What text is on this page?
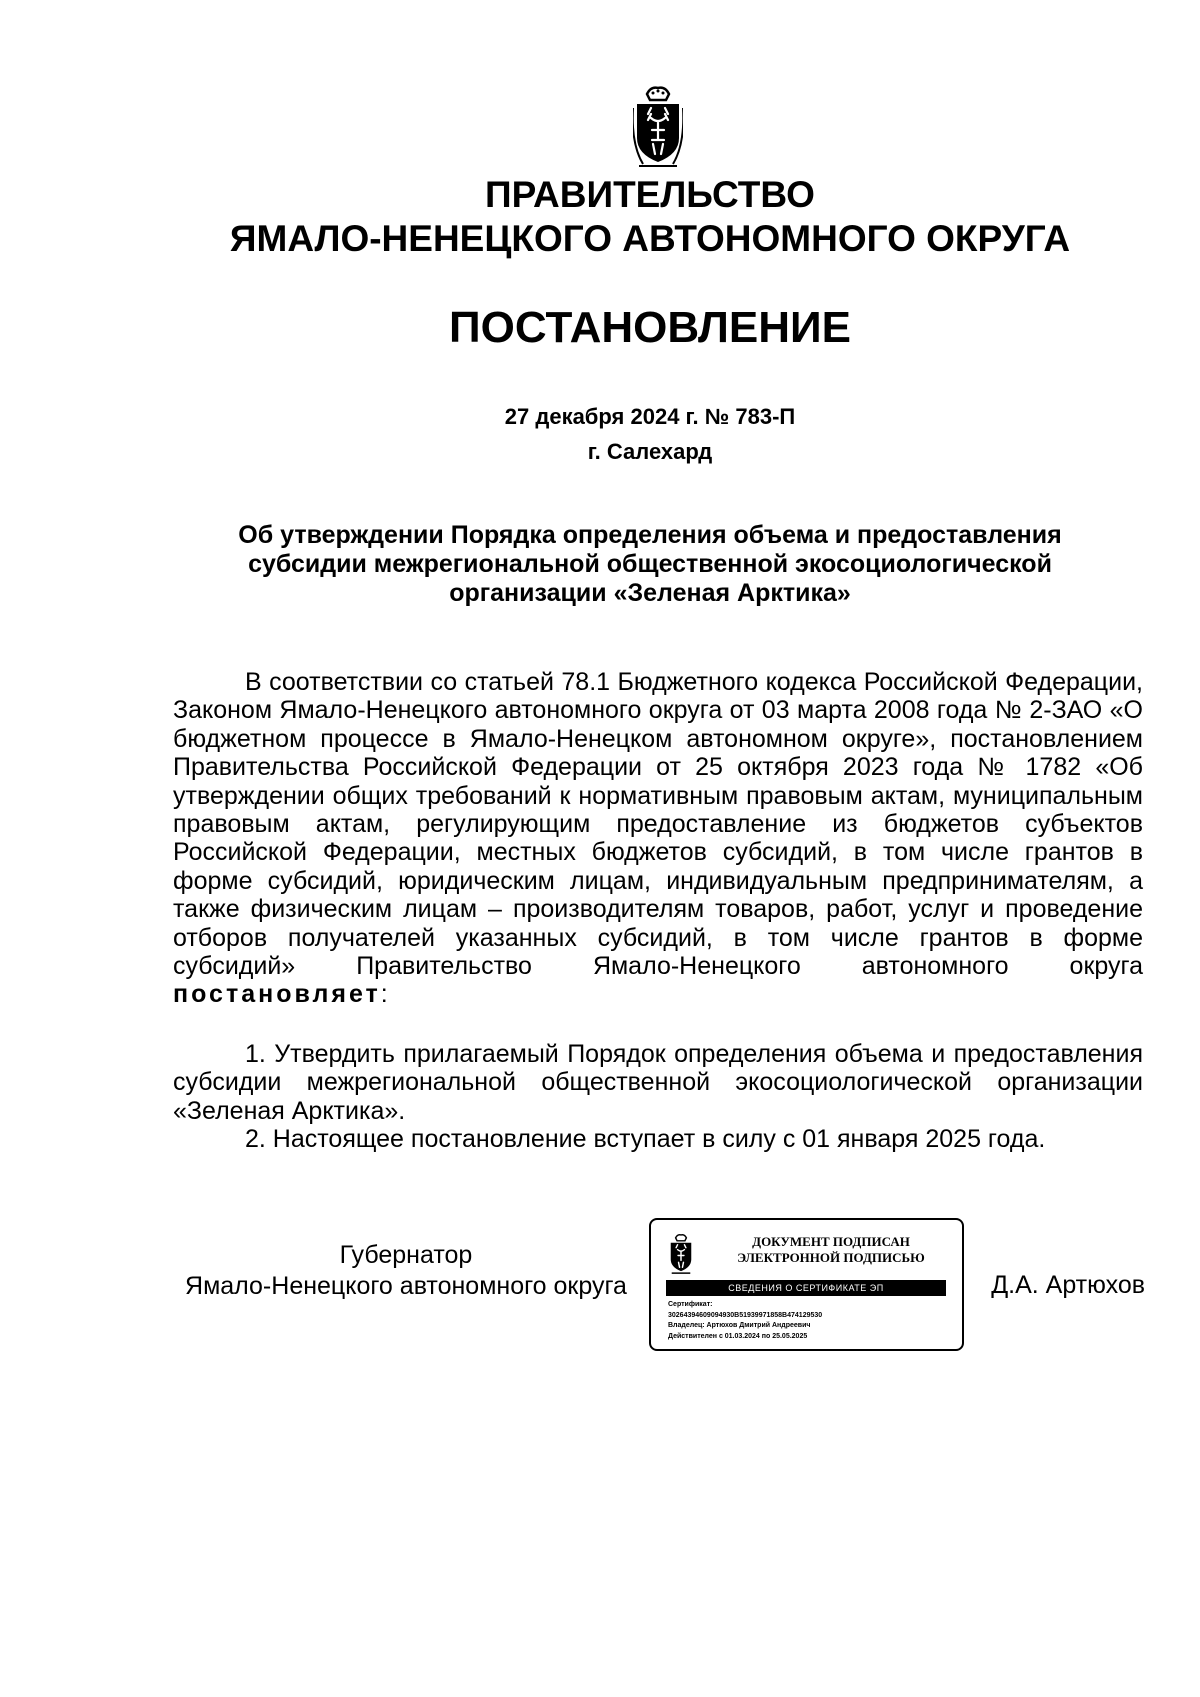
ПРАВИТЕЛЬСТВО
ЯМАЛО-НЕНЕЦКОГО АВТОНОМНОГО ОКРУГА
ПОСТАНОВЛЕНИЕ
27 декабря 2024 г. № 783-П
г. Салехард
Об утверждении Порядка определения объема и предоставления субсидии межрегиональной общественной экосоциологической организации «Зеленая Арктика»

В соответствии со статьей 78.1 Бюджетного кодекса Российской Федерации, Законом Ямало-Ненецкого автономного округа от 03 марта 2008 года № 2-ЗАО «О бюджетном процессе в Ямало-Ненецком автономном округе», постановлением Правительства Российской Федерации от 25 октября 2023 года № 1782 «Об утверждении общих требований к нормативным правовым актам, муниципальным правовым актам, регулирующим предоставление из бюджетов субъектов Российской Федерации, местных бюджетов субсидий, в том числе грантов в форме субсидий, юридическим лицам, индивидуальным предпринимателям, а также физическим лицам – производителям товаров, работ, услуг и проведение отборов получателей указанных субсидий, в том числе грантов в форме субсидий» Правительство Ямало-Ненецкого автономного округа постановляет:

1. Утвердить прилагаемый Порядок определения объема и предоставления субсидии межрегиональной общественной экосоциологической организации «Зеленая Арктика».

2. Настоящее постановление вступает в силу с 01 января 2025 года.

Губернатор
Ямало-Ненецкого автономного округа
ДОКУМЕНТ ПОДПИСАН
ЭЛЕКТРОННОЙ ПОДПИСЬЮ
СВЕДЕНИЯ О СЕРТИФИКАТЕ ЭП
Сертификат:
30264394609094930B51939971858B474129530
Владелец: Артюхов Дмитрий Андреевич
Действителен с 01.03.2024 по 25.05.2025
Д.А. Артюхов
